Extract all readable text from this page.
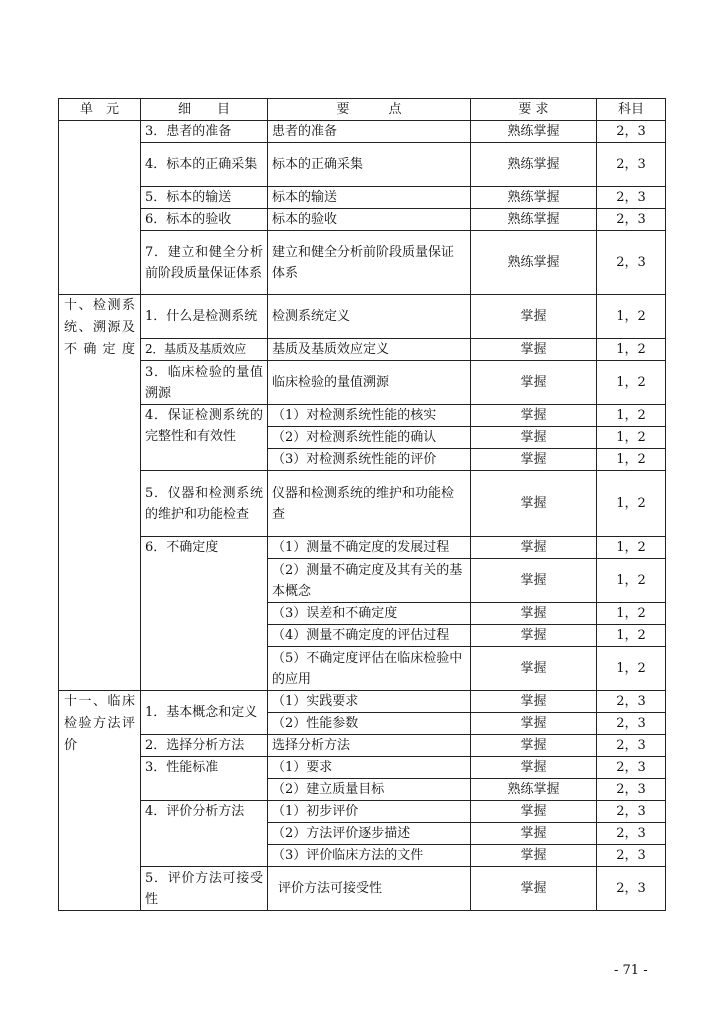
单　元	细　　目	要　　　点	要 求	科目
	3．患者的准备	患者的准备	熟练掌握	2，3
	4．标本的正确采集	标本的正确采集	熟练掌握	2，3
	5．标本的输送	标本的输送	熟练掌握	2，3
	6．标本的验收	标本的验收	熟练掌握	2，3
	7．建立和健全分析前阶段质量保证体系	建立和健全分析前阶段质量保证体系	熟练掌握	2，3
十、检测系统、溯源及不确定度	1．什么是检测系统	检测系统定义	掌握	1，2
	2．基质及基质效应	基质及基质效应定义	掌握	1，2
	3．临床检验的量值溯源	临床检验的量值溯源	掌握	1，2
	4．保证检测系统的完整性和有效性	（1）对检测系统性能的核实	掌握	1，2
		（2）对检测系统性能的确认	掌握	1，2
		（3）对检测系统性能的评价	掌握	1，2
	5．仪器和检测系统的维护和功能检查	仪器和检测系统的维护和功能检查	掌握	1，2
	6．不确定度	（1）测量不确定度的发展过程	掌握	1，2
		（2）测量不确定度及其有关的基本概念	掌握	1，2
		（3）误差和不确定度	掌握	1，2
		（4）测量不确定度的评估过程	掌握	1，2
		（5）不确定度评估在临床检验中的应用	掌握	1，2
十一、临床检验方法评价	1．基本概念和定义	（1）实践要求	掌握	2，3
		（2）性能参数	掌握	2，3
	2．选择分析方法	选择分析方法	掌握	2，3
	3．性能标准	（1）要求	掌握	2，3
		（2）建立质量目标	熟练掌握	2，3
	4．评价分析方法	（1）初步评价	掌握	2，3
		（2）方法评价逐步描述	掌握	2，3
		（3）评价临床方法的文件	掌握	2，3
	5．评价方法可接受性	评价方法可接受性	掌握	2，3
- 71 -
